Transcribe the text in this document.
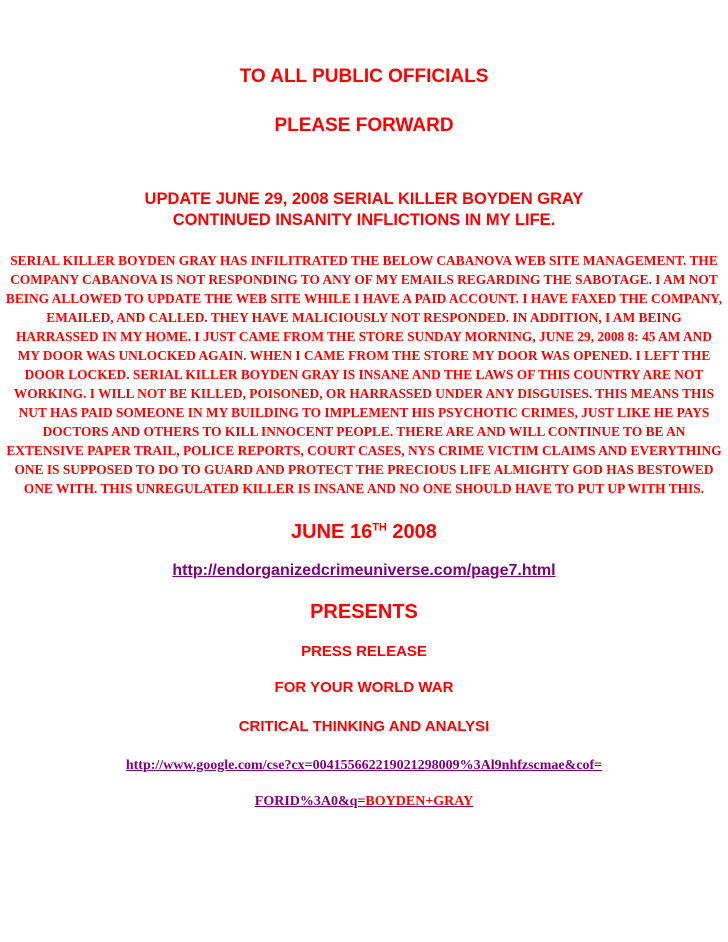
TO ALL PUBLIC OFFICIALS

PLEASE FORWARD

UPDATE JUNE 29, 2008 SERIAL KILLER BOYDEN GRAY
CONTINUED INSANITY INFLICTIONS IN MY LIFE.

SERIAL KILLER BOYDEN GRAY HAS INFILITRATED THE BELOW CABANOVA WEB SITE MANAGEMENT. THE COMPANY CABANOVA IS NOT RESPONDING TO ANY OF MY EMAILS REGARDING THE SABOTAGE. I AM NOT BEING ALLOWED TO UPDATE THE WEB SITE WHILE I HAVE A PAID ACCOUNT. I HAVE FAXED THE COMPANY, EMAILED, AND CALLED. THEY HAVE MALICIOUSLY NOT RESPONDED. IN ADDITION, I AM BEING HARRASSED IN MY HOME. I JUST CAME FROM THE STORE SUNDAY MORNING, JUNE 29, 2008 8: 45 AM AND MY DOOR WAS UNLOCKED AGAIN. WHEN I CAME FROM THE STORE MY DOOR WAS OPENED. I LEFT THE DOOR LOCKED. SERIAL KILLER BOYDEN GRAY IS INSANE AND THE LAWS OF THIS COUNTRY ARE NOT WORKING. I WILL NOT BE KILLED, POISONED, OR HARRASSED UNDER ANY DISGUISES. THIS MEANS THIS NUT HAS PAID SOMEONE IN MY BUILDING TO IMPLEMENT HIS PSYCHOTIC CRIMES, JUST LIKE HE PAYS DOCTORS AND OTHERS TO KILL INNOCENT PEOPLE. THERE ARE AND WILL CONTINUE TO BE AN EXTENSIVE PAPER TRAIL, POLICE REPORTS, COURT CASES, NYS CRIME VICTIM CLAIMS AND EVERYTHING ONE IS SUPPOSED TO DO TO GUARD AND PROTECT THE PRECIOUS LIFE ALMIGHTY GOD HAS BESTOWED ONE WITH. THIS UNREGULATED KILLER IS INSANE AND NO ONE SHOULD HAVE TO PUT UP WITH THIS.

JUNE 16TH 2008

http://endorganizedcrimeuniverse.com/page7.html

PRESENTS

PRESS RELEASE

FOR YOUR WORLD WAR

CRITICAL THINKING AND ANALYSI

http://www.google.com/cse?cx=004155662219021298009%3Al9nhfzscmae&cof=

FORID%3A0&q=BOYDEN+GRAY
